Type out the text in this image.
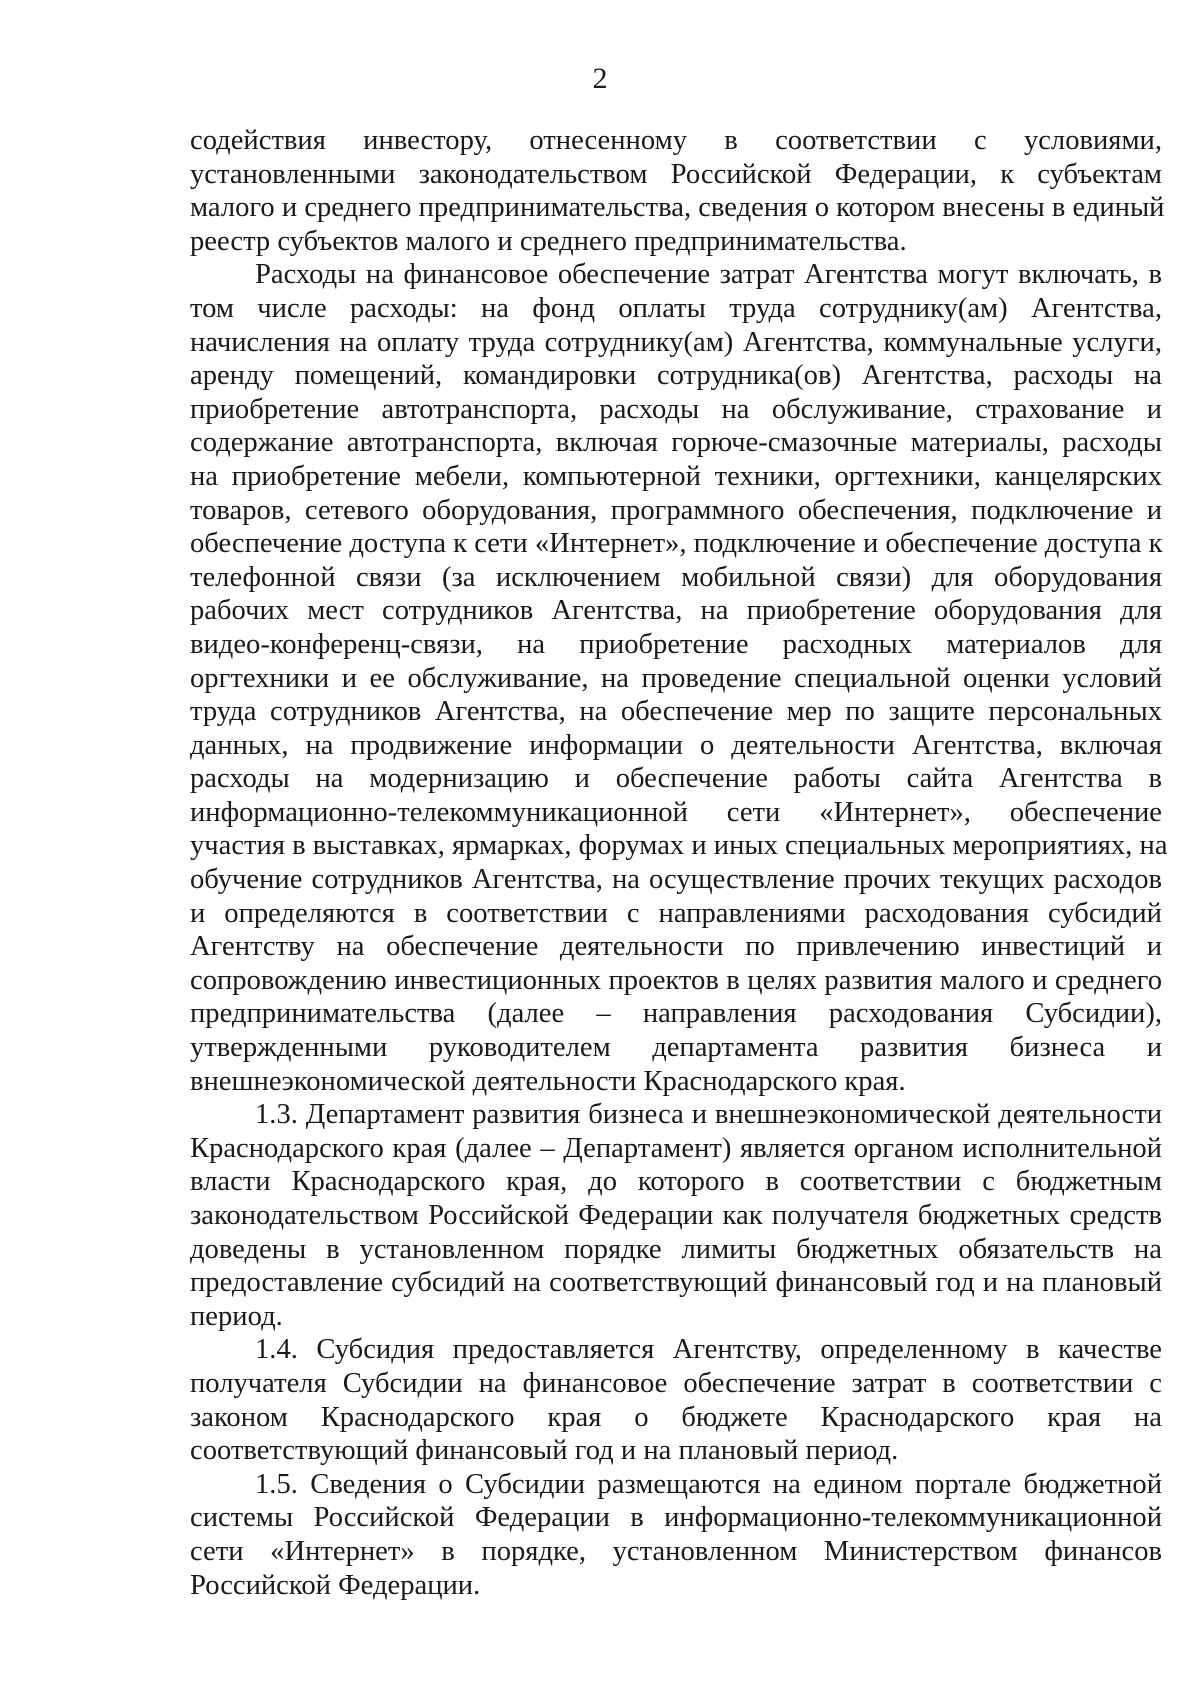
2

содействия инвестору, отнесенному в соответствии с условиями,
установленными законодательством Российской Федерации, к субъектам
малого и среднего предпринимательства, сведения о котором внесены в единый
реестр субъектов малого и среднего предпринимательства.

Расходы на финансовое обеспечение затрат Агентства могут включать, в
том числе расходы: на фонд оплаты труда сотруднику(ам) Агентства,
начисления на оплату труда сотруднику(ам) Агентства, коммунальные услуги,
аренду помещений, командировки сотрудника(ов) Агентства, расходы на
приобретение автотранспорта, расходы на обслуживание, страхование и
содержание автотранспорта, включая горюче-смазочные материалы, расходы
на приобретение мебели, компьютерной техники, оргтехники, канцелярских
товаров, сетевого оборудования, программного обеспечения, подключение и
обеспечение доступа к сети «Интернет», подключение и обеспечение доступа к
телефонной связи (за исключением мобильной связи) для оборудования
рабочих мест сотрудников Агентства, на приобретение оборудования для
видео-конференц-связи, на приобретение расходных материалов для
оргтехники и ее обслуживание, на проведение специальной оценки условий
труда сотрудников Агентства, на обеспечение мер по защите персональных
данных, на продвижение информации о деятельности Агентства, включая
расходы на модернизацию и обеспечение работы сайта Агентства в
информационно-телекоммуникационной сети «Интернет», обеспечение
участия в выставках, ярмарках, форумах и иных специальных мероприятиях, на
обучение сотрудников Агентства, на осуществление прочих текущих расходов
и определяются в соответствии с направлениями расходования субсидий
Агентству на обеспечение деятельности по привлечению инвестиций и
сопровождению инвестиционных проектов в целях развития малого и среднего
предпринимательства (далее – направления расходования Субсидии),
утвержденными руководителем департамента развития бизнеса и
внешнеэкономической деятельности Краснодарского края.

1.3. Департамент развития бизнеса и внешнеэкономической деятельности
Краснодарского края (далее – Департамент) является органом исполнительной
власти Краснодарского края, до которого в соответствии с бюджетным
законодательством Российской Федерации как получателя бюджетных средств
доведены в установленном порядке лимиты бюджетных обязательств на
предоставление субсидий на соответствующий финансовый год и на плановый
период.

1.4. Субсидия предоставляется Агентству, определенному в качестве
получателя Субсидии на финансовое обеспечение затрат в соответствии с
законом Краснодарского края о бюджете Краснодарского края на
соответствующий финансовый год и на плановый период.

1.5. Сведения о Субсидии размещаются на едином портале бюджетной
системы Российской Федерации в информационно-телекоммуникационной
сети «Интернет» в порядке, установленном Министерством финансов
Российской Федерации.
